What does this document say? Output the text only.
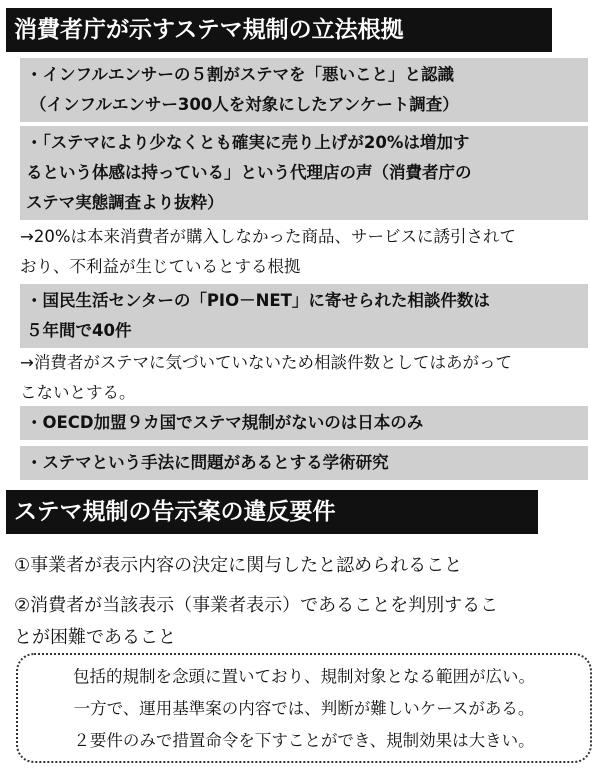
消費者庁が示すステマ規制の立法根拠
・インフルエンサーの５割がステマを「悪いこと」と認識
（インフルエンサー300人を対象にしたアンケート調査）
・「ステマにより少なくとも確実に売り上げが20%は増加す
るという体感は持っている」という代理店の声（消費者庁の
ステマ実態調査より抜粋）
→20%は本来消費者が購入しなかった商品、サービスに誘引されて
おり、不利益が生じているとする根拠
・国民生活センターの「PIO－NET」に寄せられた相談件数は
５年間で40件
→消費者がステマに気づいていないため相談件数としてはあがって
こないとする。
・OECD加盟９カ国でステマ規制がないのは日本のみ
・ステマという手法に問題があるとする学術研究
ステマ規制の告示案の違反要件
①事業者が表示内容の決定に関与したと認められること
②消費者が当該表示（事業者表示）であることを判別するこ
とが困難であること
包括的規制を念頭に置いており、規制対象となる範囲が広い。
一方で、運用基準案の内容では、判断が難しいケースがある。
２要件のみで措置命令を下すことができ、規制効果は大きい。
